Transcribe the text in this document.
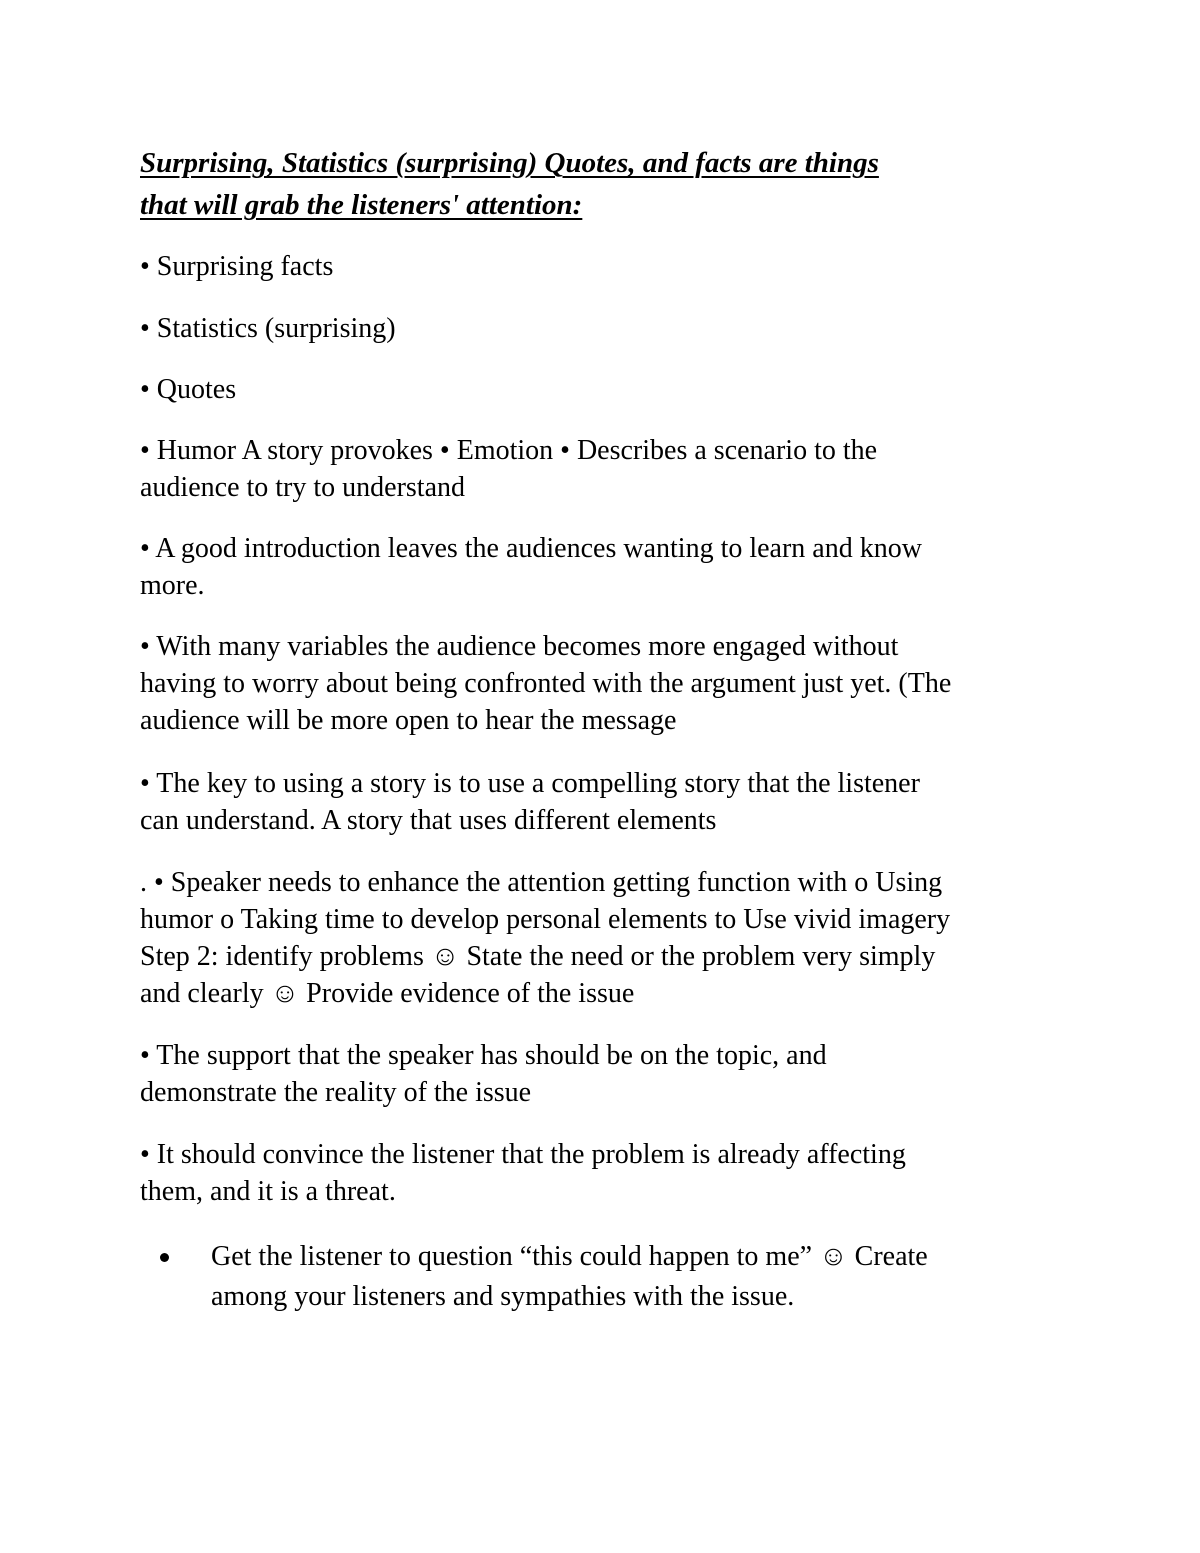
Surprising, Statistics (surprising) Quotes, and facts are things
that will grab the listeners' attention:

• Surprising facts

• Statistics (surprising)

• Quotes

• Humor A story provokes • Emotion • Describes a scenario to the
audience to try to understand

• A good introduction leaves the audiences wanting to learn and know
more.

• With many variables the audience becomes more engaged without
having to worry about being confronted with the argument just yet. (The
audience will be more open to hear the message

• The key to using a story is to use a compelling story that the listener
can understand. A story that uses different elements

. • Speaker needs to enhance the attention getting function with o Using
humor o Taking time to develop personal elements to Use vivid imagery
Step 2: identify problems ☺ State the need or the problem very simply
and clearly ☺ Provide evidence of the issue

• The support that the speaker has should be on the topic, and
demonstrate the reality of the issue

• It should convince the listener that the problem is already affecting
them, and it is a threat.

Get the listener to question “this could happen to me” ☺ Create
among your listeners and sympathies with the issue.
